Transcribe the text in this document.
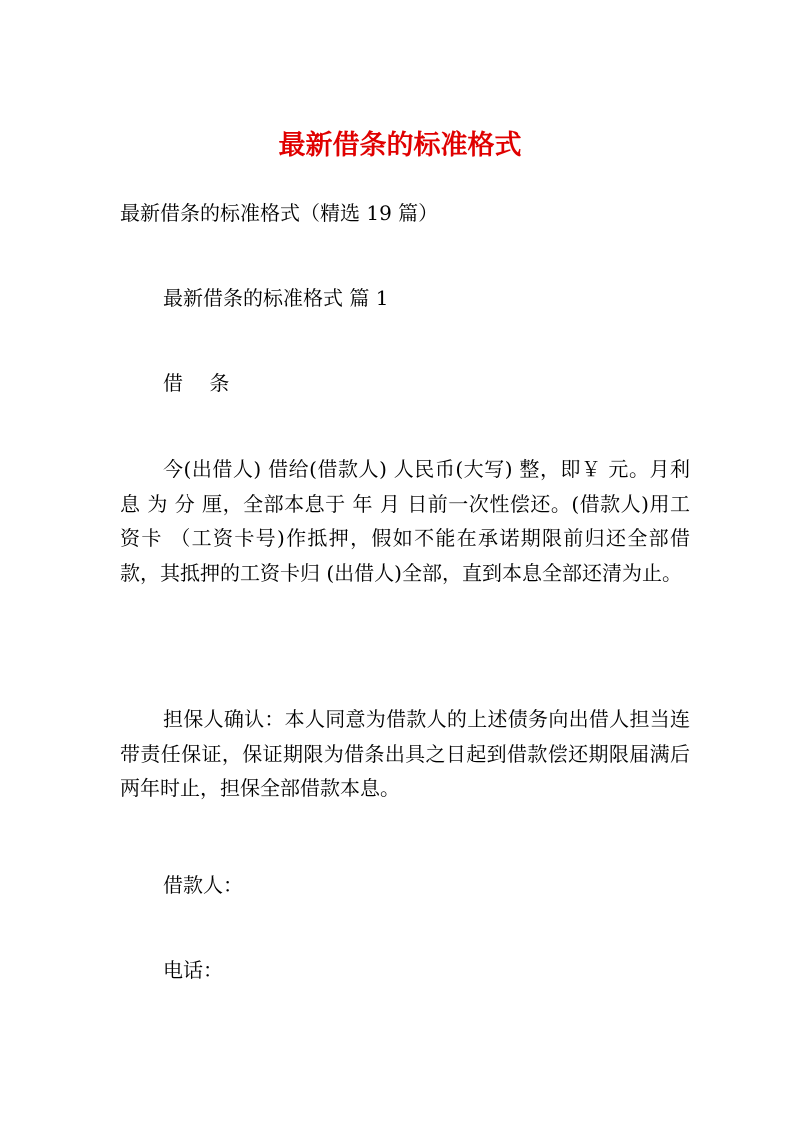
最新借条的标准格式
最新借条的标准格式（精选 19 篇）
最新借条的标准格式 篇 1
借 条
今(出借人) 借给(借款人) 人民币(大写) 整，即￥ 元。月利息 为 分 厘，全部本息于 年 月 日前一次性偿还。(借款人)用工资卡 （工资卡号)作抵押，假如不能在承诺期限前归还全部借款，其抵押的工资卡归 (出借人)全部，直到本息全部还清为止。
担保人确认：本人同意为借款人的上述债务向出借人担当连带责任保证，保证期限为借条出具之日起到借款偿还期限届满后两年时止，担保全部借款本息。
借款人：
电话：
